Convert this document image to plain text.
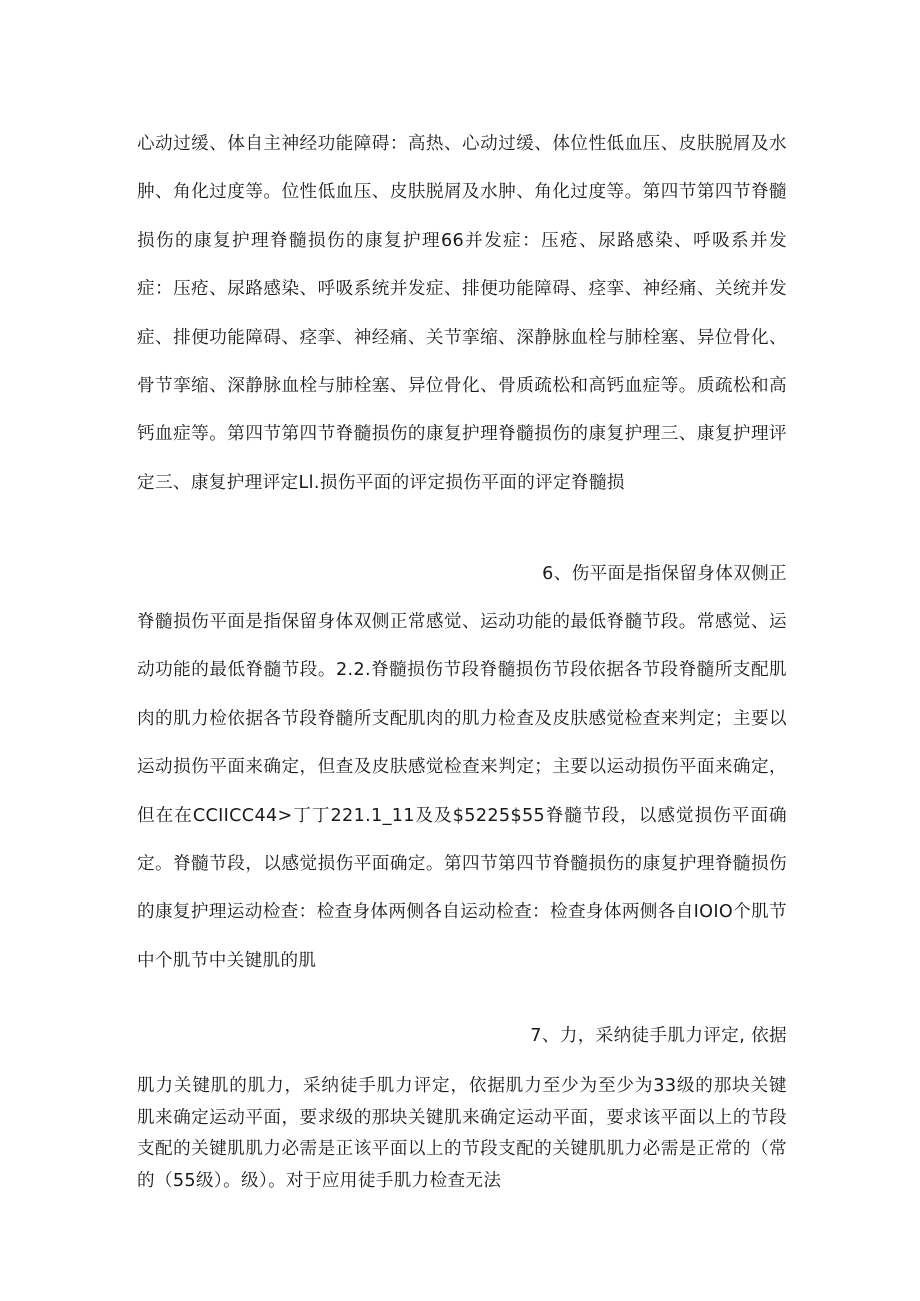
心动过缓、体自主神经功能障碍：高热、心动过缓、体位性低血压、皮肤脱屑及水肿、角化过度等。位性低血压、皮肤脱屑及水肿、角化过度等。第四节第四节脊髓损伤的康复护理脊髓损伤的康复护理66并发症：压疮、尿路感染、呼吸系并发症：压疮、尿路感染、呼吸系统并发症、排便功能障碍、痉挛、神经痛、关统并发症、排便功能障碍、痉挛、神经痛、关节挛缩、深静脉血栓与肺栓塞、异位骨化、骨节挛缩、深静脉血栓与肺栓塞、异位骨化、骨质疏松和高钙血症等。质疏松和高钙血症等。第四节第四节脊髓损伤的康复护理脊髓损伤的康复护理三、康复护理评定三、康复护理评定Ll.损伤平面的评定损伤平面的评定脊髓损

6、伤平面是指保留身体双侧正

脊髓损伤平面是指保留身体双侧正常感觉、运动功能的最低脊髓节段。常感觉、运动功能的最低脊髓节段。2.2.脊髓损伤节段脊髓损伤节段依据各节段脊髓所支配肌肉的肌力检依据各节段脊髓所支配肌肉的肌力检查及皮肤感觉检查来判定；主要以运动损伤平面来确定，但查及皮肤感觉检查来判定；主要以运动损伤平面来确定，但在在CCIICC44>丁丁221.1_11及及$5225$55脊髓节段，以感觉损伤平面确定。脊髓节段，以感觉损伤平面确定。第四节第四节脊髓损伤的康复护理脊髓损伤的康复护理运动检查：检查身体两侧各自运动检查：检查身体两侧各自IOIO个肌节中个肌节中关键肌的肌

7、力，采纳徒手肌力评定, 依据

肌力关键肌的肌力，采纳徒手肌力评定，依据肌力至少为至少为33级的那块关键肌来确定运动平面，要求级的那块关键肌来确定运动平面，要求该平面以上的节段支配的关键肌肌力必需是正该平面以上的节段支配的关键肌肌力必需是正常的（常的（55级）。级）。对于应用徒手肌力检查无法
